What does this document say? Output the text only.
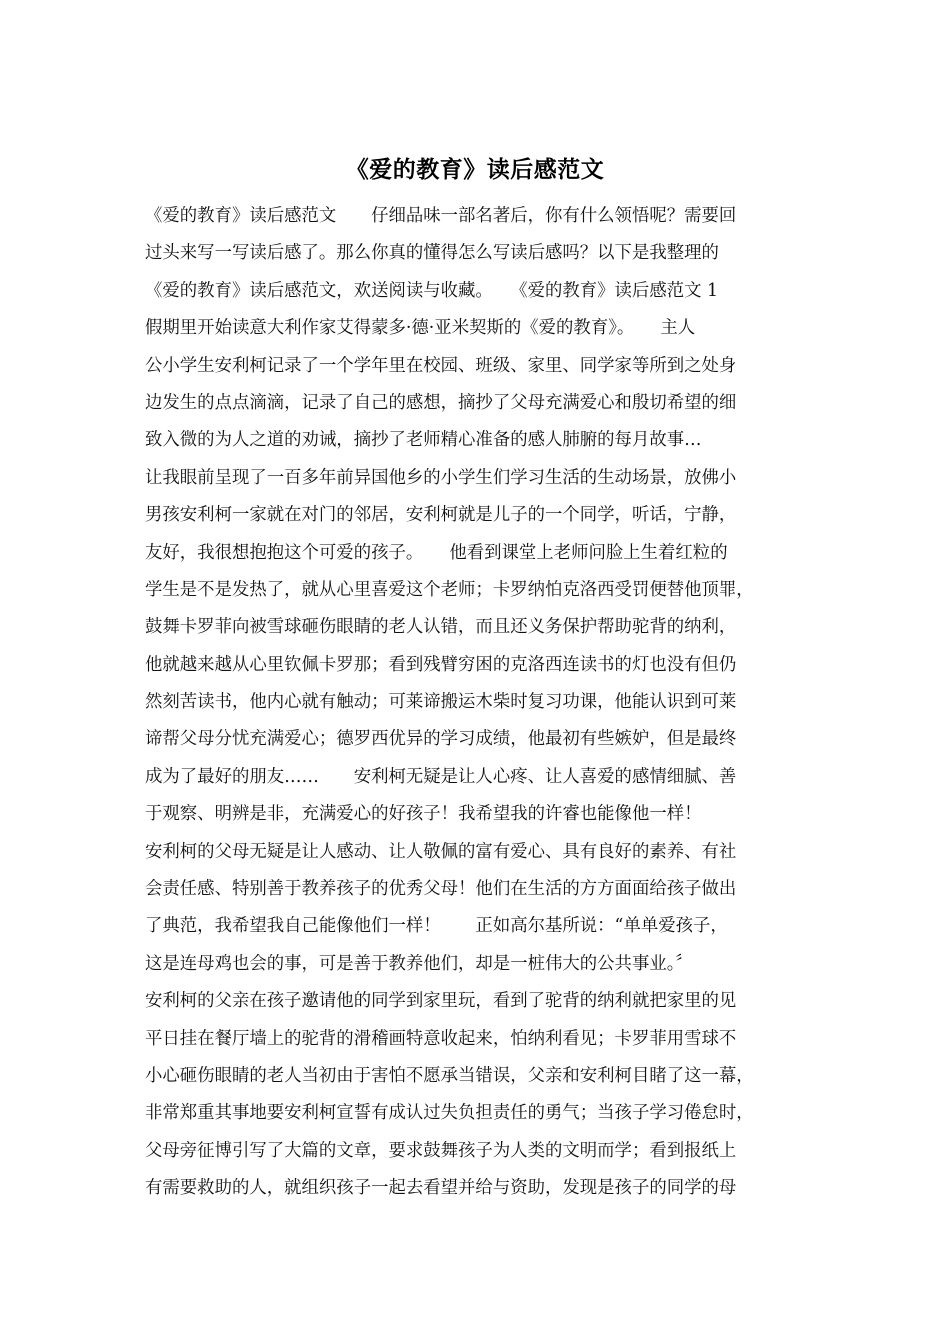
《爱的教育》读后感范文
《爱的教育》读后感范文　　仔细品味一部名著后，你有什么领悟呢？需要回
过头来写一写读后感了。那么你真的懂得怎么写读后感吗？以下是我整理的
《爱的教育》读后感范文，欢送阅读与收藏。　　《爱的教育》读后感范文 1
假期里开始读意大利作家艾得蒙多·德·亚米契斯的《爱的教育》。　　主人
公小学生安利柯记录了一个学年里在校园、班级、家里、同学家等所到之处身
边发生的点点滴滴，记录了自己的感想，摘抄了父母充满爱心和殷切希望的细
致入微的为人之道的劝诫，摘抄了老师精心准备的感人肺腑的每月故事…
让我眼前呈现了一百多年前异国他乡的小学生们学习生活的生动场景，放佛小
男孩安利柯一家就在对门的邻居，安利柯就是儿子的一个同学，听话，宁静，
友好，我很想抱抱这个可爱的孩子。　　他看到课堂上老师问脸上生着红粒的
学生是不是发热了，就从心里喜爱这个老师；卡罗纳怕克洛西受罚便替他顶罪，
鼓舞卡罗菲向被雪球砸伤眼睛的老人认错，而且还义务保护帮助驼背的纳利，
他就越来越从心里钦佩卡罗那；看到残臂穷困的克洛西连读书的灯也没有但仍
然刻苦读书，他内心就有触动；可莱谛搬运木柴时复习功课，他能认识到可莱
谛帮父母分忧充满爱心；德罗西优异的学习成绩，他最初有些嫉妒，但是最终
成为了最好的朋友……　　安利柯无疑是让人心疼、让人喜爱的感情细腻、善
于观察、明辨是非，充满爱心的好孩子！我希望我的许睿也能像他一样！
安利柯的父母无疑是让人感动、让人敬佩的富有爱心、具有良好的素养、有社
会责任感、特别善于教养孩子的优秀父母！他们在生活的方方面面给孩子做出
了典范，我希望我自己能像他们一样！　　正如高尔基所说：“单单爱孩子，
这是连母鸡也会的事，可是善于教养他们，却是一桩伟大的公共事业。〞
安利柯的父亲在孩子邀请他的同学到家里玩，看到了驼背的纳利就把家里的见
平日挂在餐厅墙上的驼背的滑稽画特意收起来，怕纳利看见；卡罗菲用雪球不
小心砸伤眼睛的老人当初由于害怕不愿承当错误，父亲和安利柯目睹了这一幕，
非常郑重其事地要安利柯宣誓有成认过失负担责任的勇气；当孩子学习倦怠时，
父母旁征博引写了大篇的文章，要求鼓舞孩子为人类的文明而学；看到报纸上
有需要救助的人，就组织孩子一起去看望并给与资助，发现是孩子的同学的母
